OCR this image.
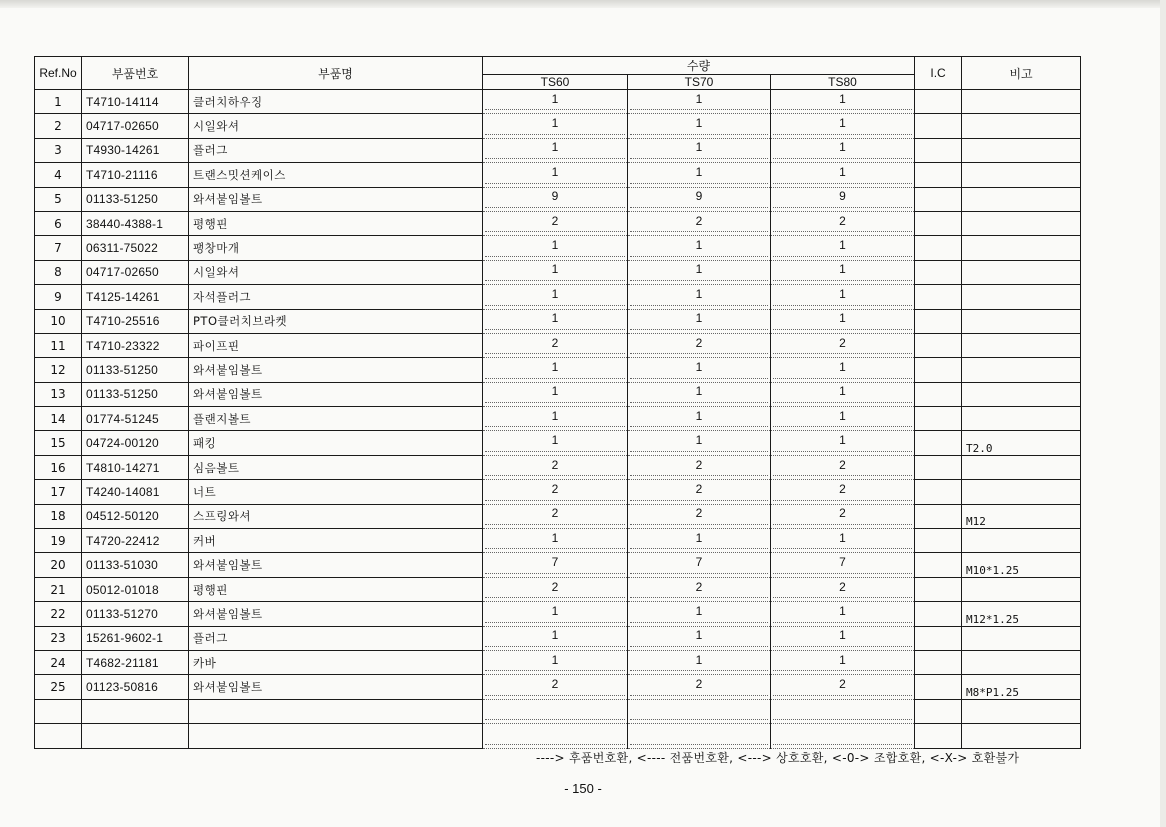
Ref.No	부품번호	부품명	수량			I.C	비고
			TS60	TS70	TS80		
1	T4710-14114	클러치하우징	1	1	1		
2	04717-02650	시일와셔	1	1	1		
3	T4930-14261	플러그	1	1	1		
4	T4710-21116	트랜스밋션케이스	1	1	1		
5	01133-51250	와셔붙임볼트	9	9	9		
6	38440-4388-1	평행핀	2	2	2		
7	06311-75022	팽창마개	1	1	1		
8	04717-02650	시일와셔	1	1	1		
9	T4125-14261	자석플러그	1	1	1		
10	T4710-25516	PTO클러치브라켓	1	1	1		
11	T4710-23322	파이프핀	2	2	2		
12	01133-51250	와셔붙임볼트	1	1	1		
13	01133-51250	와셔붙임볼트	1	1	1		
14	01774-51245	플랜지볼트	1	1	1		
15	04724-00120	패킹	1	1	1		T2.0
16	T4810-14271	심음볼트	2	2	2		
17	T4240-14081	너트	2	2	2		
18	04512-50120	스프링와셔	2	2	2		M12
19	T4720-22412	커버	1	1	1		
20	01133-51030	와셔붙임볼트	7	7	7		M10*1.25
21	05012-01018	평행핀	2	2	2		
22	01133-51270	와셔붙임볼트	1	1	1		M12*1.25
23	15261-9602-1	플러그	1	1	1		
24	T4682-21181	카바	1	1	1		
25	01123-50816	와셔붙임볼트	2	2	2		M8*P1.25

----> 후품번호환, <---- 전품번호환, <---> 상호호환, <-0-> 조합호환, <-X-> 호환불가
- 150 -
